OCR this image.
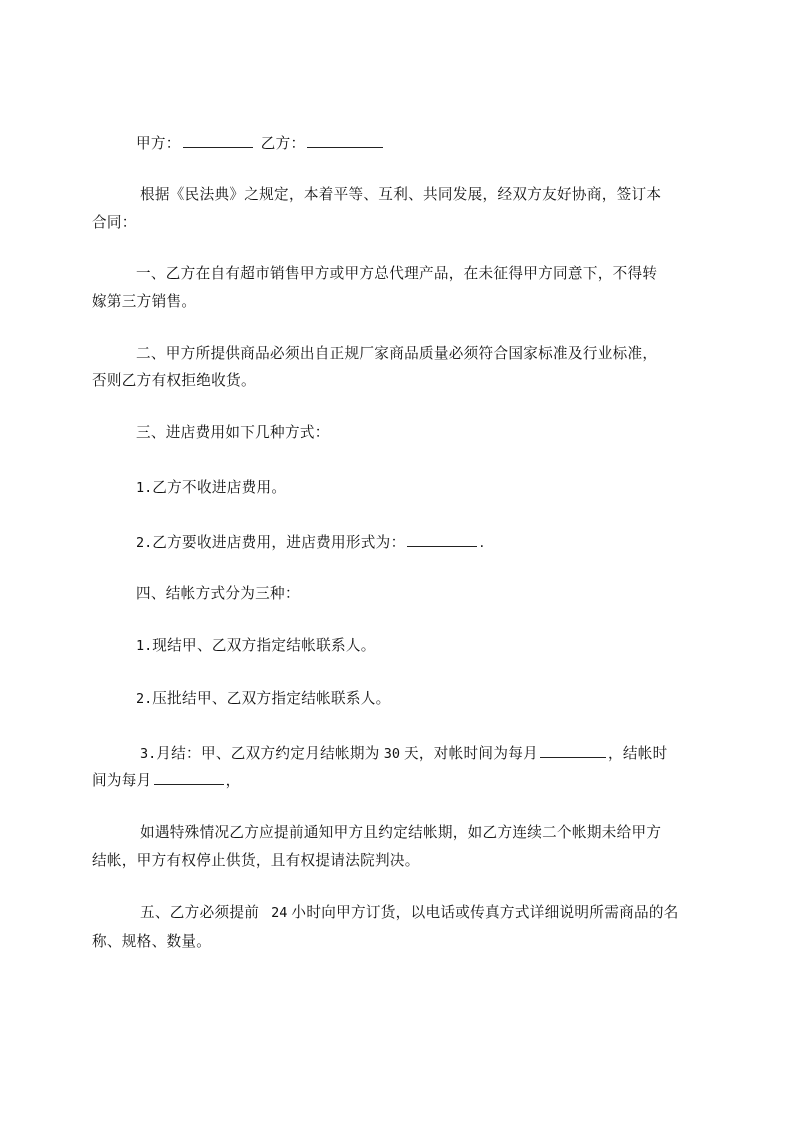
甲方：	乙方：

根据《民法典》之规定，本着平等、互利、共同发展，经双方友好协商，签订本

合同：

一、乙方在自有超市销售甲方或甲方总代理产品，在未征得甲方同意下，不得转

嫁第三方销售。

二、甲方所提供商品必须出自正规厂家商品质量必须符合国家标准及行业标准，

否则乙方有权拒绝收货。

三、进店费用如下几种方式：

1.乙方不收进店费用。

2.乙方要收进店费用，进店费用形式为：	.

四、结帐方式分为三种：

1.现结甲、乙双方指定结帐联系人。

2.压批结甲、乙双方指定结帐联系人。

3.月结：甲、乙双方约定月结帐期为 30 天，对帐时间为每月	，结帐时

间为每月	，

如遇特殊情况乙方应提前通知甲方且约定结帐期，如乙方连续二个帐期未给甲方

结帐，甲方有权停止供货，且有权提请法院判决。

五、乙方必须提前 24 小时向甲方订货，以电话或传真方式详细说明所需商品的名

称、规格、数量。
